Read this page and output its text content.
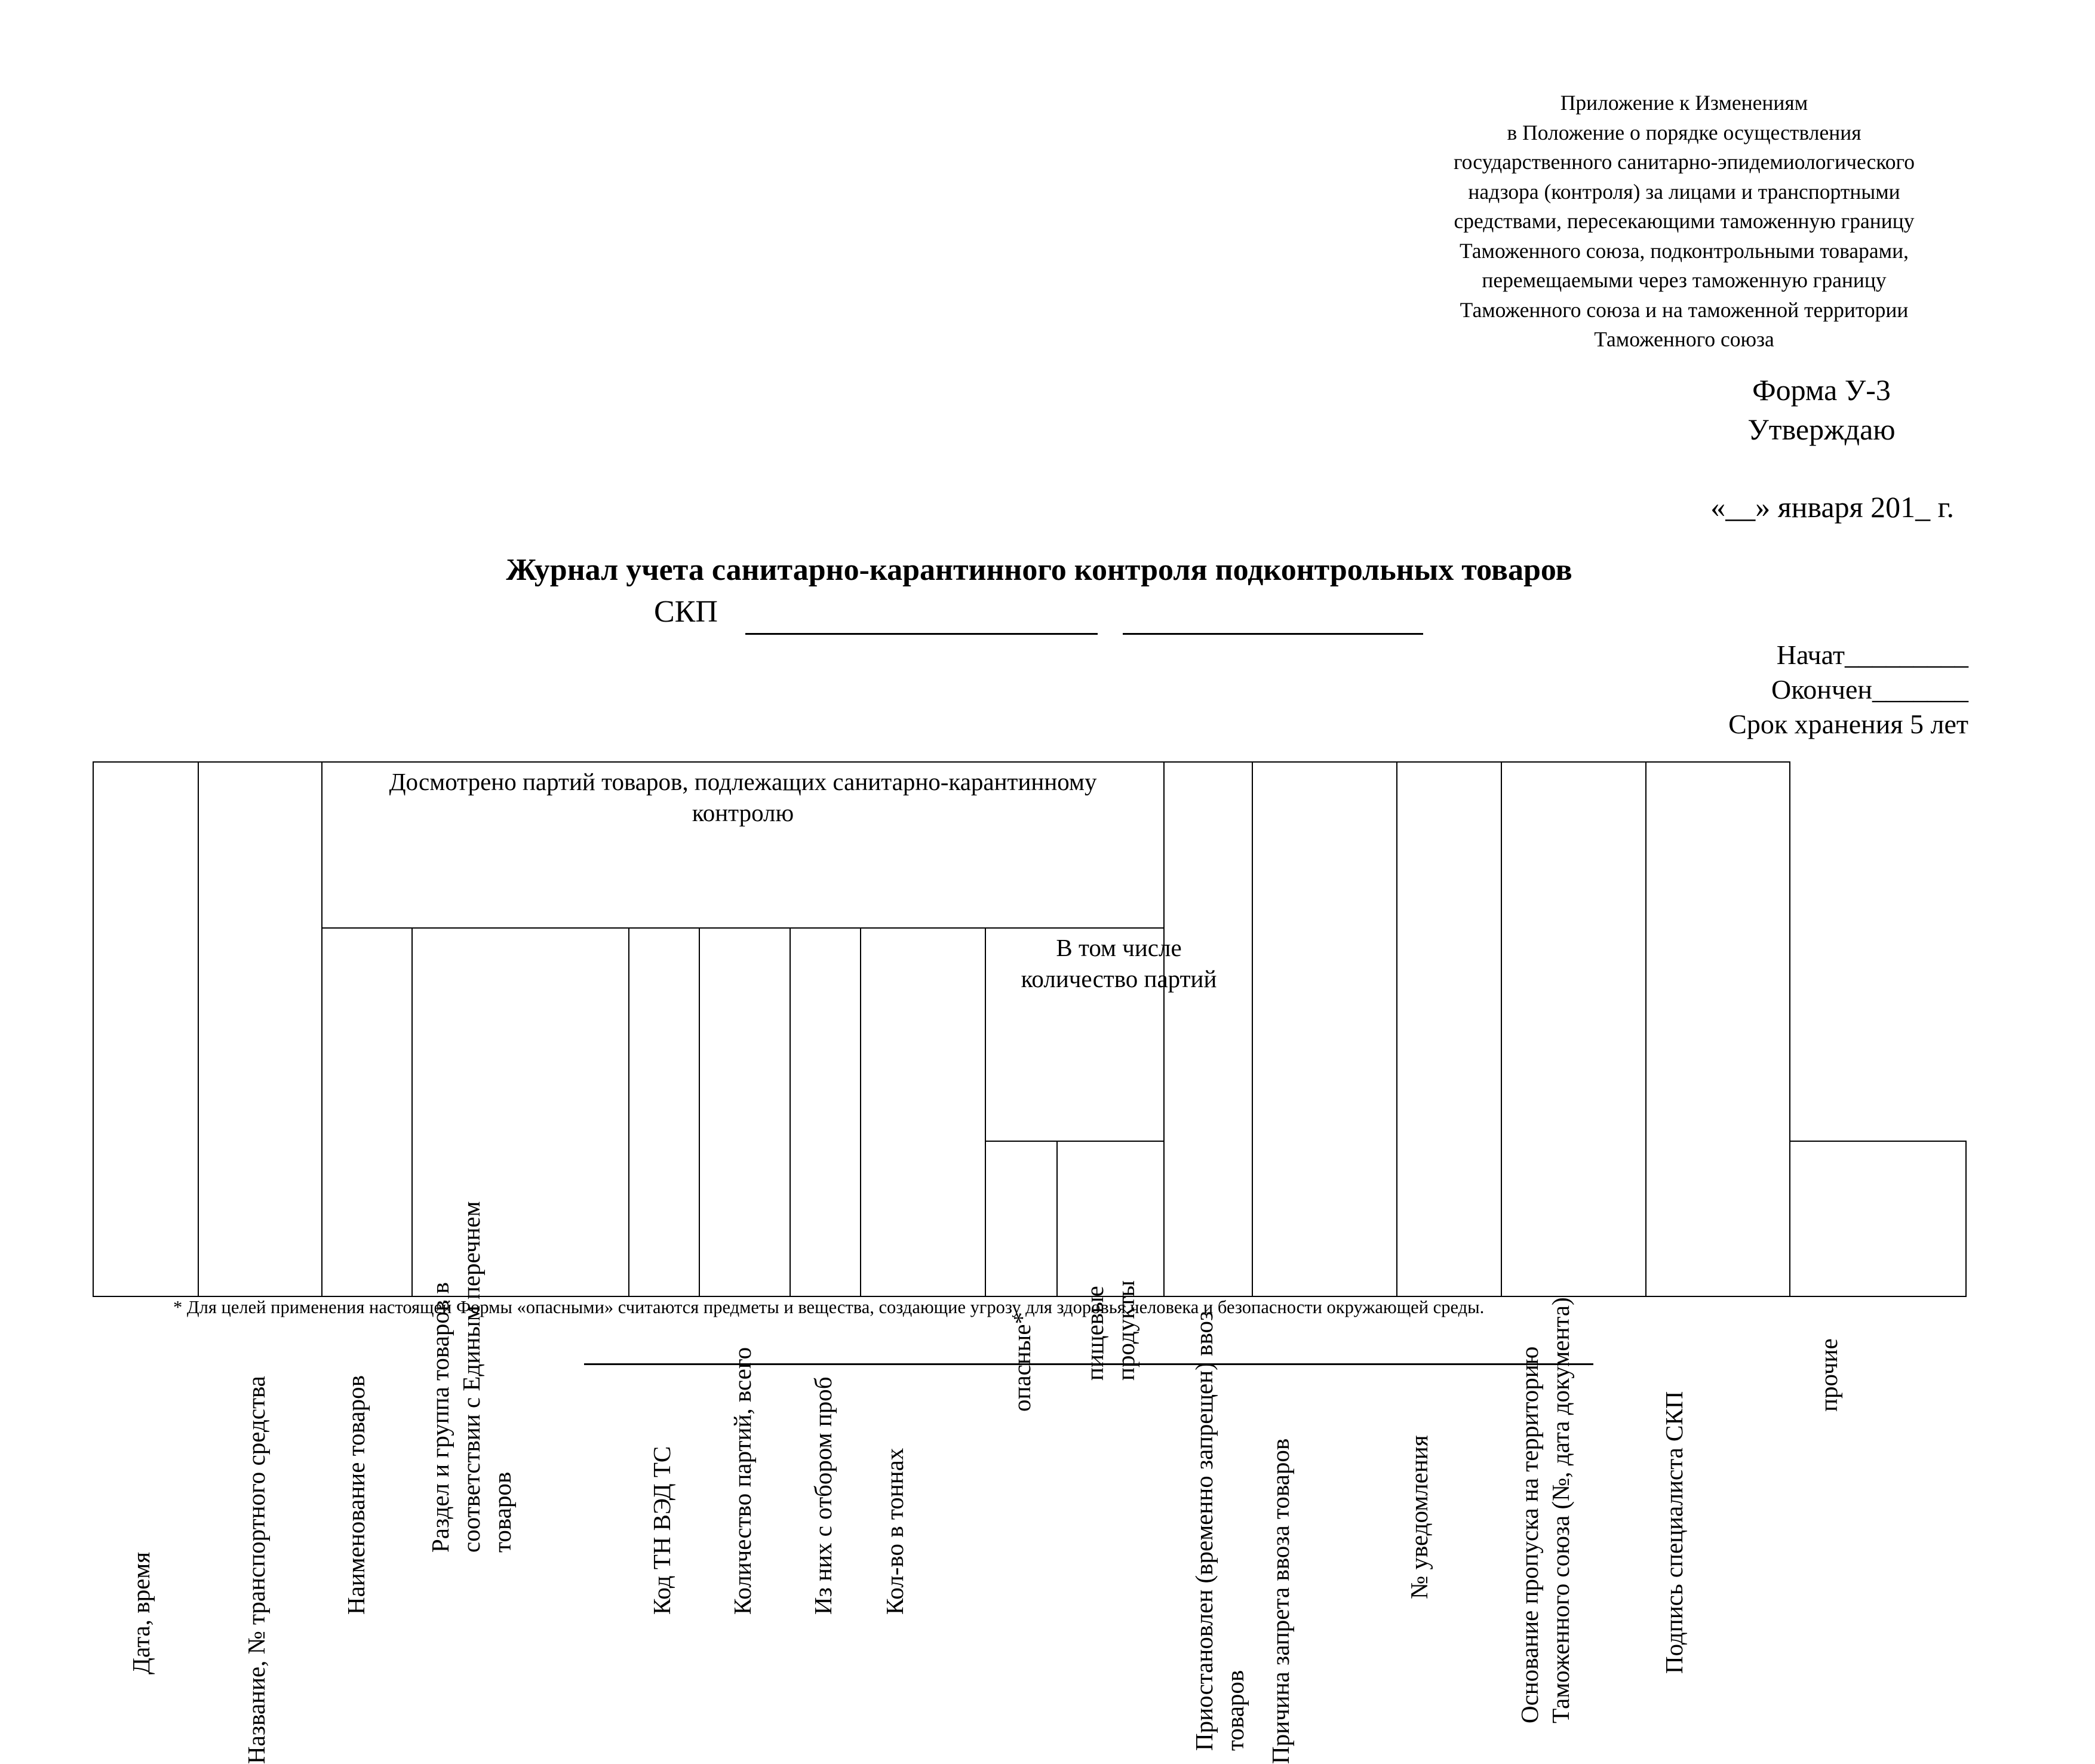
Приложение к Изменениям
в Положение о порядке осуществления
государственного санитарно-эпидемиологического
надзора (контроля) за лицами и транспортными
средствами, пересекающими таможенную границу
Таможенного союза, подконтрольными товарами,
перемещаемыми через таможенную границу
Таможенного союза и на таможенной территории
Таможенного союза
Форма У-3
Утверждаю
«__» января 201_ г.
Журнал учета санитарно-карантинного контроля подконтрольных товаров
СКП
Начат_________
Окончен_______
Срок хранения 5 лет
Дата, время	Название, № транспортного средства	Досмотрено партий товаров, подлежащих санитарно-карантинному контролю								Приостановлен (временно запрещен) ввоз товаров	Причина запрета ввоза товаров	№ уведомления	Основание пропуска на территорию Таможенного союза (№, дата документа)	Подпись специалиста СКП	

		Наименование товаров	Раздел и группа товаров в соответствии с Единым перечнем товаров	Код ТН ВЭД ТС	Количество партий, всего	Из них с отбором проб	Кол-во в тоннах	В том числе количество партий							

								опасные*	пищевые продукты						прочие
* Для целей применения настоящей Формы «опасными» считаются предметы и вещества, создающие угрозу для здоровья человека и безопасности окружающей среды.
